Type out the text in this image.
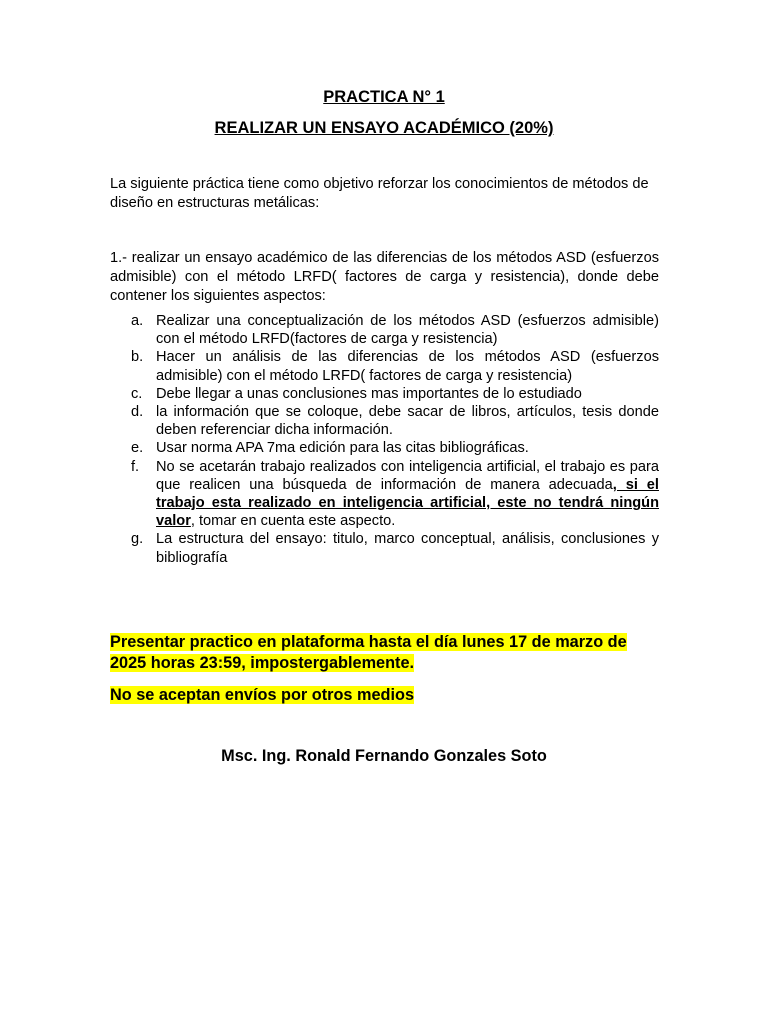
PRACTICA N° 1
REALIZAR UN ENSAYO ACADÉMICO (20%)
La siguiente práctica tiene como objetivo reforzar los conocimientos de métodos de diseño en estructuras metálicas:
1.- realizar un ensayo académico de las diferencias de los métodos ASD (esfuerzos admisible) con el método LRFD( factores de carga y resistencia), donde debe contener los siguientes aspectos:
a. Realizar una conceptualización de los métodos ASD (esfuerzos admisible) con el método LRFD(factores de carga y resistencia)
b. Hacer un análisis de las diferencias de los métodos ASD (esfuerzos admisible) con el método LRFD( factores de carga y resistencia)
c. Debe llegar a unas conclusiones mas importantes de lo estudiado
d. la información que se coloque, debe sacar de libros, artículos, tesis donde deben referenciar dicha información.
e. Usar norma APA 7ma edición para las citas bibliográficas.
f. No se acetarán trabajo realizados con inteligencia artificial, el trabajo es para que realicen una búsqueda de información de manera adecuada, si el trabajo esta realizado en inteligencia artificial, este no tendrá ningún valor, tomar en cuenta este aspecto.
g. La estructura del ensayo: titulo, marco conceptual, análisis, conclusiones y bibliografía
Presentar practico en plataforma hasta el día lunes 17 de marzo de 2025 horas 23:59, impostergablemente.
No se aceptan envíos por otros medios
Msc. Ing. Ronald Fernando Gonzales Soto
